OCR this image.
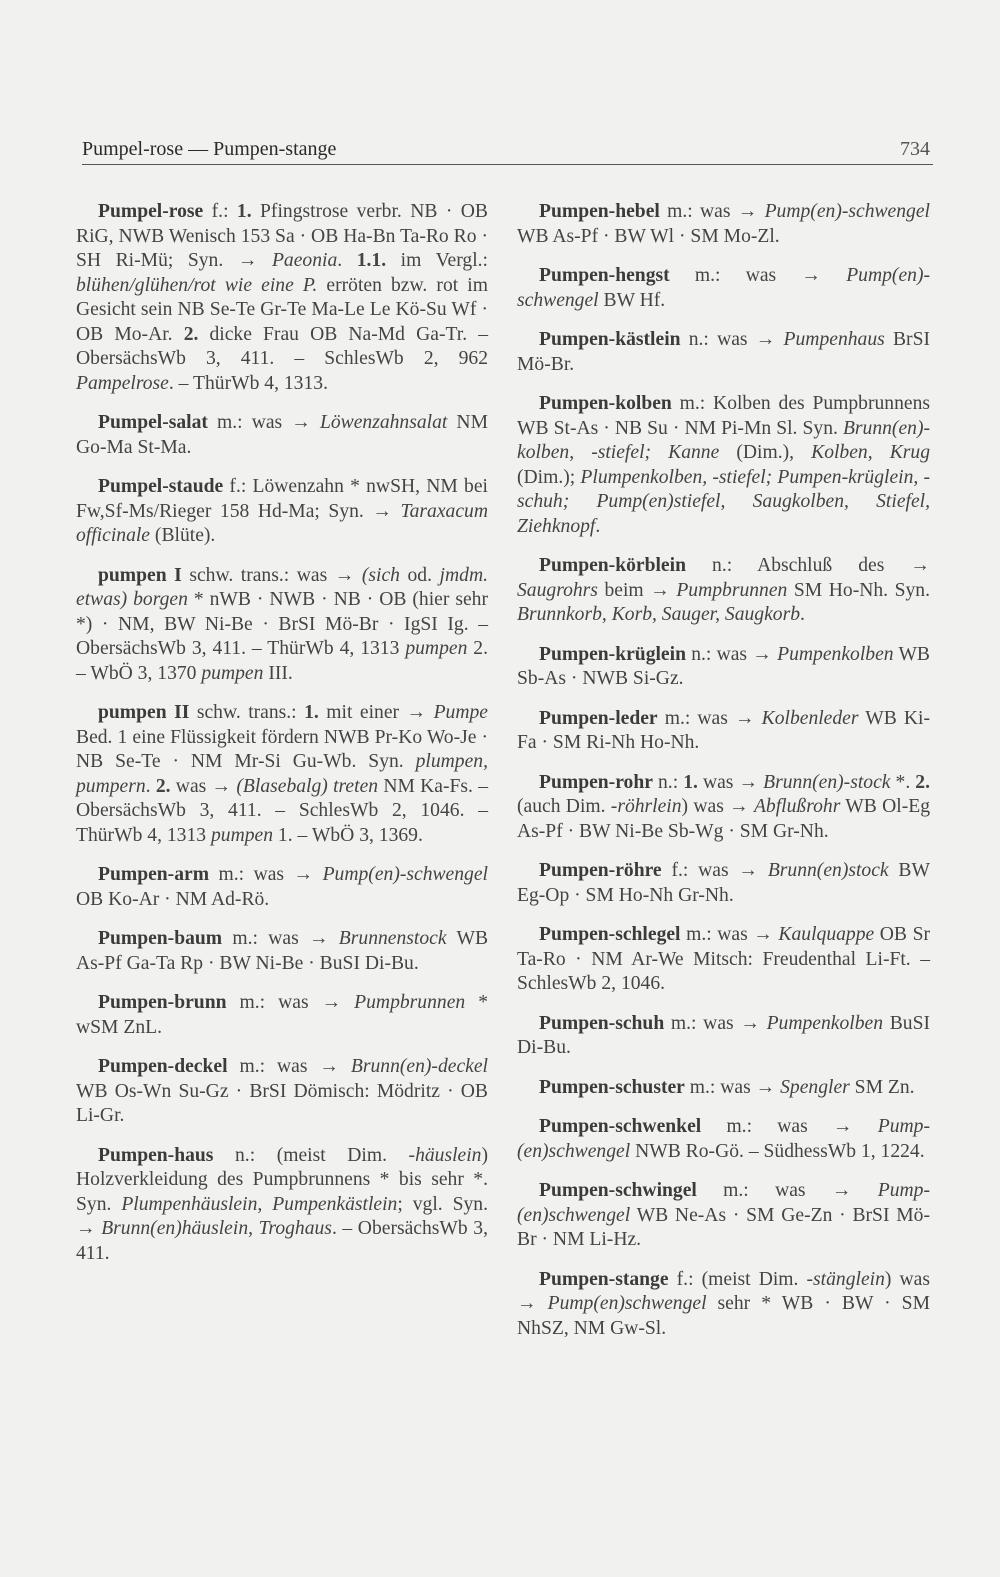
Pumpel-rose — Pumpen-stange	734

Pumpel-rose f.: 1. Pfingstrose verbr. NB · OB RiG, NWB Wenisch 153 Sa · OB Ha-Bn Ta-Ro Ro · SH Ri-Mü; Syn. → Paeonia. 1.1. im Vergl.: blühen/glühen/rot wie eine P. erröten bzw. rot im Gesicht sein NB Se-Te Gr-Te Ma-Le Le Kö-Su Wf · OB Mo-Ar. 2. dicke Frau OB Na-Md Ga-Tr. – ObersächsWb 3, 411. – SchlesWb 2, 962 Pampelrose. – ThürWb 4, 1313.

Pumpel-salat m.: was → Löwenzahnsalat NM Go-Ma St-Ma.

Pumpel-staude f.: Löwenzahn * nwSH, NM bei Fw,Sf-Ms/Rieger 158 Hd-Ma; Syn. → Taraxacum officinale (Blüte).

pumpen I schw. trans.: was → (sich od. jmdm. etwas) borgen * nWB · NWB · NB · OB (hier sehr *) · NM, BW Ni-Be · BrSI Mö-Br · IgSI Ig. – ObersächsWb 3, 411. – ThürWb 4, 1313 pumpen 2. – WbÖ 3, 1370 pumpen III.

pumpen II schw. trans.: 1. mit einer → Pumpe Bed. 1 eine Flüssigkeit fördern NWB Pr-Ko Wo-Je · NB Se-Te · NM Mr-Si Gu-Wb. Syn. plumpen, pumpern. 2. was → (Blasebalg) treten NM Ka-Fs. – ObersächsWb 3, 411. – SchlesWb 2, 1046. – ThürWb 4, 1313 pumpen 1. – WbÖ 3, 1369.

Pumpen-arm m.: was → Pump(en)-schwengel OB Ko-Ar · NM Ad-Rö.

Pumpen-baum m.: was → Brunnenstock WB As-Pf Ga-Ta Rp · BW Ni-Be · BuSI Di-Bu.

Pumpen-brunn m.: was → Pumpbrunnen * wSM ZnL.

Pumpen-deckel m.: was → Brunn(en)-deckel WB Os-Wn Su-Gz · BrSI Dömisch: Mödritz · OB Li-Gr.

Pumpen-haus n.: (meist Dim. -häuslein) Holzverkleidung des Pumpbrunnens * bis sehr *. Syn. Plumpenhäuslein, Pumpenkästlein; vgl. Syn. → Brunn(en)häuslein, Troghaus. – ObersächsWb 3, 411.

Pumpen-hebel m.: was → Pump(en)-schwengel WB As-Pf · BW Wl · SM Mo-Zl.

Pumpen-hengst m.: was → Pump(en)-schwengel BW Hf.

Pumpen-kästlein n.: was → Pumpenhaus BrSI Mö-Br.

Pumpen-kolben m.: Kolben des Pumpbrunnens WB St-As · NB Su · NM Pi-Mn Sl. Syn. Brunn(en)-kolben, -stiefel; Kanne (Dim.), Kolben, Krug (Dim.); Plumpenkolben, -stiefel; Pumpen-krüglein, -schuh; Pump(en)stiefel, Saugkolben, Stiefel, Ziehknopf.

Pumpen-körblein n.: Abschluß des → Saugrohrs beim → Pumpbrunnen SM Ho-Nh. Syn. Brunnkorb, Korb, Sauger, Saugkorb.

Pumpen-krüglein n.: was → Pumpenkolben WB Sb-As · NWB Si-Gz.

Pumpen-leder m.: was → Kolbenleder WB Ki-Fa · SM Ri-Nh Ho-Nh.

Pumpen-rohr n.: 1. was → Brunn(en)-stock *. 2. (auch Dim. -röhrlein) was → Abflußrohr WB Ol-Eg As-Pf · BW Ni-Be Sb-Wg · SM Gr-Nh.

Pumpen-röhre f.: was → Brunn(en)stock BW Eg-Op · SM Ho-Nh Gr-Nh.

Pumpen-schlegel m.: was → Kaulquappe OB Sr Ta-Ro · NM Ar-We Mitsch: Freudenthal Li-Ft. – SchlesWb 2, 1046.

Pumpen-schuh m.: was → Pumpenkolben BuSI Di-Bu.

Pumpen-schuster m.: was → Spengler SM Zn.

Pumpen-schwenkel m.: was → Pump-(en)schwengel NWB Ro-Gö. – SüdhessWb 1, 1224.

Pumpen-schwingel m.: was → Pump-(en)schwengel WB Ne-As · SM Ge-Zn · BrSI Mö-Br · NM Li-Hz.

Pumpen-stange f.: (meist Dim. -stänglein) was → Pump(en)schwengel sehr * WB · BW · SM NhSZ, NM Gw-Sl.
